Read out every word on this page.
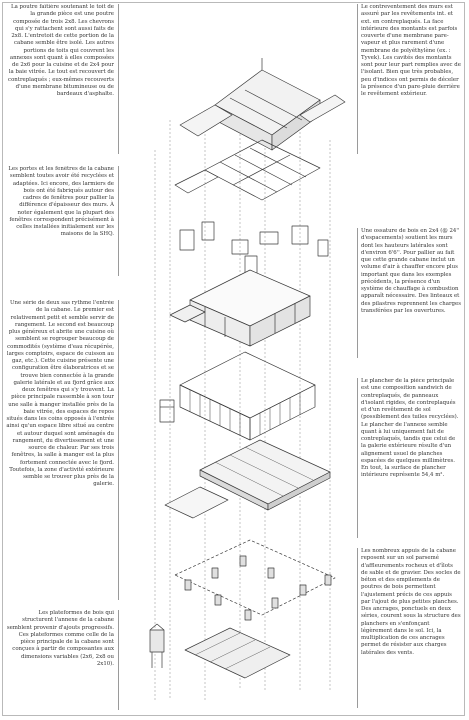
La poutre faîtière soutenant le toit de la grande pièce est une poutre composée de trois 2x8. Les chevrons qui s'y rattachent sont aussi faits de 2x8. L'entretoit de cette portion de la cabane semble être isolé. Les autres portions de toits qui couvrent les annexes sont quant à elles composées de 2x6 pour la cuisine et de 2x4 pour la baie vitrée. Le tout est recouvert de contreplaqués ; eux-mêmes recouverts d'une membrane bitumineuse ou de bardeaux d'asphalte.
Les portes et les fenêtres de la cabane semblent toutes avoir été recyclées et adaptées. Ici encore, des larmiers de bois ont été fabriqués autour des cadres de fenêtres pour pallier la différence d'épaisseur des murs. À noter également que la plupart des fenêtres correspondent précisément à celles installées initialement sur les maisons de la SHQ.
Une série de deux sas rythme l'entrée de la cabane. Le premier est relativement petit et semble servir de rangement. Le second est beaucoup plus généreux et abrite une cuisine où semblent se regrouper beaucoup de commodités (système d'eau récupérée, larges comptoirs, espace de cuisson au gaz, etc.). Cette cuisine présente une configuration être élaboratrices et se trouve bien connectée à la grande galerie latérale et au fjord grâce aux deux fenêtres qui s'y trouvent. La pièce principale rassemble à son tour une salle à manger installée près de la baie vitrée, des espaces de repos situés dans les coins opposés à l'entrée ainsi qu'un espace libre situé au centre et autour duquel sont aménagés du rangement, du divertissement et une source de chaleur. Par ses trois fenêtres, la salle à manger est la plus fortement connectée avec le fjord. Toutefois, la zone d'activité extérieure semble se trouver plus près de la galerie.
Les plateformes de bois qui structurent l'annexe de la cabane semblent provenir d'ajouts progressifs. Ces plateformes comme celle de la pièce principale de la cabane sont conçues à partir de composantes aux dimensions variables (2x6, 2x8 ou 2x10).
Le contreventement des murs est assuré par les revêtements int. et ext. en contreplaqués. La face intérieure des montants est parfois couverte d'une membrane pare-vapeur et plus rarement d'une membrane de polyéthylène (ex. : Tyvek). Les cavités des montants sont pour leur part remplies avec de l'isolant. Bien que très probables, peu d'indices ont permis de déceler la présence d'un pare-pluie derrière le revêtement extérieur.
Une ossature de bois en 2x4 (@ 24'' d'espacements) soutient les murs dont les hauteurs latérales sont d'environ 6'6''. Pour pallier au fait que cette grande cabane inclut un volume d'air à chauffer encore plus important que dans les exemples précédents, la présence d'un système de chauffage à combustion apparaît nécessaire. Des linteaux et des pilastres reprennent les charges transférées par les ouvertures.
Le plancher de la pièce principale est une composition sandwich de contreplaqués, de panneaux d'isolant rigides, de contreplaqués et d'un revêtement de sol (possiblement des tuiles recyclées). Le plancher de l'annexe semble quant à lui uniquement fait de contreplaqués, tandis que celui de la galerie extérieure résulte d'un alignement usuel de planches espacées de quelques millimètres. En tout, la surface de plancher intérieure représente 54,4 m².
Les nombreux appuis de la cabane reposent sur un sol parsemé d'affleurements rocheux et d'îlots de sable et de gravier. Des socles de béton et des empilements de poutres de bois permettent l'ajustement précis de ces appuis par l'ajout de plus petites planches. Des ancrages, ponctuels en deux séries, courent sous la structure des planchers en s'enfonçant légèrement dans le sol. Ici, la multiplication de ces ancrages permet de résister aux charges latérales des vents.
